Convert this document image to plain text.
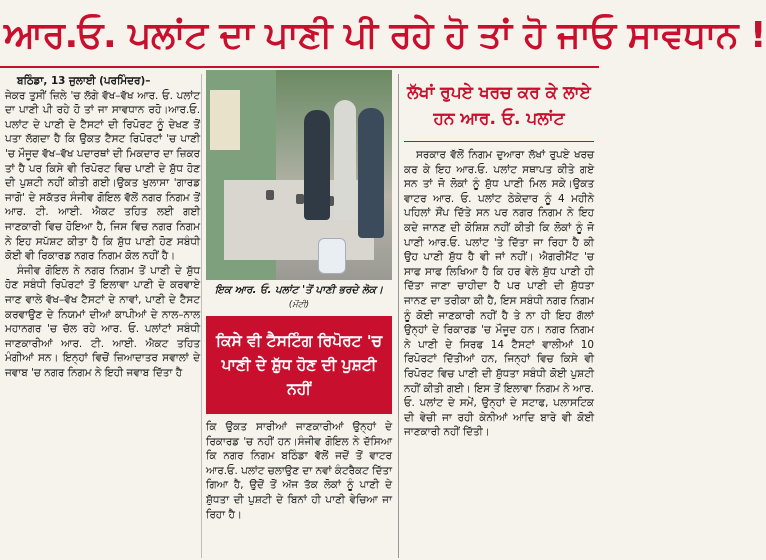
ਆਰ.ਓ. ਪਲਾਂਟ ਦਾ ਪਾਣੀ ਪੀ ਰਹੇ ਹੋ ਤਾਂ ਹੋ ਜਾਓ ਸਾਵਧਾਨ !

ਬਠਿੰਡਾ, 13 ਜੁਲਾਈ (ਪਰਮਿੰਦਰ)–

ਜੇਕਰ ਤੁਸੀਂ ਜ਼ਿਲੇ 'ਚ ਲੱਗੇ ਵੱਖ–ਵੱਖ ਆਰ. ਓ. ਪਲਾਂਟ ਦਾ ਪਾਣੀ ਪੀ ਰਹੇ ਹੋ ਤਾਂ ਜਾ ਸਾਵਧਾਨ ਰਹੋ।ਆਰ.ਓ. ਪਲਾਂਟ ਦੇ ਪਾਣੀ ਦੇ ਟੈਸਟਾਂ ਦੀ ਰਿਪੋਰਟ ਨੂੰ ਦੇਖਣ ਤੋਂ ਪਤਾ ਲੱਗਦਾ ਹੈ ਕਿ ਉਕਤ ਟੈਸਟ ਰਿਪੋਰਟਾਂ 'ਚ ਪਾਣੀ 'ਚ ਮੌਜੂਦ ਵੱਖ–ਵੱਖ ਪਦਾਰਥਾਂ ਦੀ ਮਿਕਦਾਰ ਦਾ ਜ਼ਿਕਰ ਤਾਂ ਹੈ ਪਰ ਕਿਸੇ ਵੀ ਰਿਪੋਰਟ ਵਿਚ ਪਾਣੀ ਦੇ ਸ਼ੁੱਧ ਹੋਣ ਦੀ ਪੁਸ਼ਟੀ ਨਹੀਂ ਕੀਤੀ ਗਈ।ਉਕਤ ਖੁਲਾਸਾ 'ਗਾਰਡ ਜਾਗੋ' ਦੇ ਸਕੱਤਰ ਸੰਜੀਵ ਗੋਇਲ ਵੱਲੋਂ ਨਗਰ ਨਿਗਮ ਤੋਂ ਆਰ. ਟੀ. ਆਈ. ਐਕਟ ਤਹਿਤ ਲਈ ਗਈ ਜਾਣਕਾਰੀ ਵਿਚ ਹੋਇਆ ਹੈ, ਜਿਸ ਵਿਚ ਨਗਰ ਨਿਗਮ ਨੇ ਇਹ ਸਪੱਸ਼ਟ ਕੀਤਾ ਹੈ ਕਿ ਸ਼ੁੱਧ ਪਾਣੀ ਹੋਣ ਸਬੰਧੀ ਕੋਈ ਵੀ ਰਿਕਾਰਡ ਨਗਰ ਨਿਗਮ ਕੋਲ ਨਹੀਂ ਹੈ।

ਸੰਜੀਵ ਗੋਇਲ ਨੇ ਨਗਰ ਨਿਗਮ ਤੋਂ ਪਾਣੀ ਦੇ ਸ਼ੁੱਧ ਹੋਣ ਸਬੰਧੀ ਰਿਪੋਰਟਾਂ ਤੋਂ ਇਲਾਵਾ ਪਾਣੀ ਦੇ ਕਰਵਾਏ ਜਾਣ ਵਾਲੇ ਵੱਖ–ਵੱਖ ਟੈਸਟਾਂ ਦੇ ਨਾਵਾਂ, ਪਾਣੀ ਦੇ ਟੈਸਟ ਕਰਵਾਉਣ ਦੇ ਨਿਯਮਾਂ ਦੀਆਂ ਕਾਪੀਆਂ ਦੇ ਨਾਲ–ਨਾਲ ਮਹਾਨਗਰ 'ਚ ਚੱਲ ਰਹੇ ਆਰ. ਓ. ਪਲਾਂਟਾਂ ਸਬੰਧੀ ਜਾਣਕਾਰੀਆਂ ਆਰ. ਟੀ. ਆਈ. ਐਕਟ ਤਹਿਤ ਮੰਗੀਆਂ ਸਨ। ਇਨ੍ਹਾਂ ਵਿਚੋਂ ਜ਼ਿਆਦਾਤਰ ਸਵਾਲਾਂ ਦੇ ਜਵਾਬ 'ਚ ਨਗਰ ਨਿਗਮ ਨੇ ਇਹੀ ਜਵਾਬ ਦਿੱਤਾ ਹੈ

ਇਕ ਆਰ. ਓ. ਪਲਾਂਟ 'ਤੋਂ ਪਾਣੀ ਭਰਦੇ ਲੋਕ। (ਮੋਂਟੀ)
ਕਿਸੇ ਵੀ ਟੈਸਟਿੰਗ ਰਿਪੋਰਟ 'ਚ ਪਾਣੀ ਦੇ ਸ਼ੁੱਧ ਹੋਣ ਦੀ ਪੁਸ਼ਟੀ ਨਹੀਂ

ਕਿ ਉਕਤ ਸਾਰੀਆਂ ਜਾਣਕਾਰੀਆਂ ਉਨ੍ਹਾਂ ਦੇ ਰਿਕਾਰਡ 'ਚ ਨਹੀਂ ਹਨ।ਸੰਜੀਵ ਗੋਇਲ ਨੇ ਦੱਸਿਆ ਕਿ ਨਗਰ ਨਿਗਮ ਬਠਿੰਡਾ ਵੱਲੋਂ ਜਦੋਂ ਤੋਂ ਵਾਟਰ ਆਰ.ਓ. ਪਲਾਂਟ ਚਲਾਉਣ ਦਾ ਨਵਾਂ ਕੰਟਰੈਕਟ ਦਿੱਤਾ ਗਿਆ ਹੈ, ਉਦੋਂ ਤੋਂ ਅੱਜ ਤੱਕ ਲੋਕਾਂ ਨੂੰ ਪਾਣੀ ਦੇ ਸ਼ੁੱਧਤਾ ਦੀ ਪੁਸ਼ਟੀ ਦੇ ਬਿਨਾਂ ਹੀ ਪਾਣੀ ਵੇਚਿਆ ਜਾ ਰਿਹਾ ਹੈ।

ਲੱਖਾਂ ਰੁਪਏ ਖਰਚ ਕਰ ਕੇ ਲਾਏ ਹਨ ਆਰ. ਓ. ਪਲਾਂਟ

ਸਰਕਾਰ ਵੱਲੋਂ ਨਿਗਮ ਦੁਆਰਾ ਲੱਖਾਂ ਰੁਪਏ ਖਰਚ ਕਰ ਕੇ ਇਹ ਆਰ.ਓ. ਪਲਾਂਟ ਸਥਾਪਤ ਕੀਤੇ ਗਏ ਸਨ ਤਾਂ ਜੋ ਲੋਕਾਂ ਨੂੰ ਸ਼ੁੱਧ ਪਾਣੀ ਮਿਲ ਸਕੇ।ਉਕਤ ਵਾਟਰ ਆਰ. ਓ. ਪਲਾਂਟ ਠੇਕੇਦਾਰ ਨੂੰ 4 ਮਹੀਨੇ ਪਹਿਲਾਂ ਸੌਂਪ ਦਿੱਤੇ ਸਨ ਪਰ ਨਗਰ ਨਿਗਮ ਨੇ ਇਹ ਕਦੇ ਜਾਨਣ ਦੀ ਕੋਸ਼ਿਸ਼ ਨਹੀਂ ਕੀਤੀ ਕਿ ਲੋਕਾਂ ਨੂੰ ਜੋ ਪਾਣੀ ਆਰ.ਓ. ਪਲਾਂਟ 'ਤੇ ਦਿੱਤਾ ਜਾ ਰਿਹਾ ਹੈ ਕੀ ਉਹ ਪਾਣੀ ਸ਼ੁੱਧ ਹੈ ਵੀ ਜਾਂ ਨਹੀਂ। ਐਗਰੀਮੈਂਟ 'ਚ ਸਾਫ ਸਾਫ ਲਿਖਿਆ ਹੈ ਕਿ ਹਰ ਵੇਲੇ ਸ਼ੁੱਧ ਪਾਣੀ ਹੀ ਦਿੱਤਾ ਜਾਣਾ ਚਾਹੀਦਾ ਹੈ ਪਰ ਪਾਣੀ ਦੀ ਸ਼ੁੱਧਤਾ ਜਾਨਣ ਦਾ ਤਰੀਕਾ ਕੀ ਹੈ, ਇਸ ਸਬੰਧੀ ਨਗਰ ਨਿਗਮ ਨੂੰ ਕੋਈ ਜਾਣਕਾਰੀ ਨਹੀਂ ਹੈ ਤੇ ਨਾ ਹੀ ਇਹ ਗੱਲਾਂ ਉਨ੍ਹਾਂ ਦੇ ਰਿਕਾਰਡ 'ਚ ਮੌਜੂਦ ਹਨ। ਨਗਰ ਨਿਗਮ ਨੇ ਪਾਣੀ ਦੇ ਸਿਰਫ 14 ਟੈਸਟਾਂ ਵਾਲੀਆਂ 10 ਰਿਪੋਰਟਾਂ ਦਿੱਤੀਆਂ ਹਨ, ਜਿਨ੍ਹਾਂ ਵਿਚ ਕਿਸੇ ਵੀ ਰਿਪੋਰਟ ਵਿਚ ਪਾਣੀ ਦੀ ਸ਼ੁੱਧਤਾ ਸਬੰਧੀ ਕੋਈ ਪੁਸ਼ਟੀ ਨਹੀਂ ਕੀਤੀ ਗਈ। ਇਸ ਤੋਂ ਇਲਾਵਾ ਨਿਗਮ ਨੇ ਆਰ. ਓ. ਪਲਾਂਟ ਦੇ ਸਮੇਂ, ਉਨ੍ਹਾਂ ਦੇ ਸਟਾਫ, ਪਲਾਸਟਿਕ ਦੀ ਵੇਚੀ ਜਾ ਰਹੀ ਕੇਨੀਆਂ ਆਦਿ ਬਾਰੇ ਵੀ ਕੋਈ ਜਾਣਕਾਰੀ ਨਹੀਂ ਦਿੱਤੀ।
